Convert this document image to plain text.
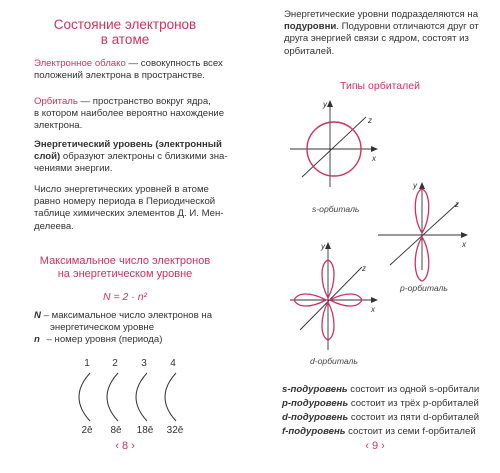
Состояние электронов
в атоме
Электронное облако — совокупность всех
положений электрона в пространстве.
Орбиталь — пространство вокруг ядра,
в котором наиболее вероятно нахождение
электрона.
Энергетический уровень (электронный
слой) образуют электроны с близкими зна-
чениями энергии.
Число энергетических уровней в атоме
равно номеру периода в Периодической
таблице химических элементов Д. И. Мен-
делеева.
Максимальное число электронов
на энергетическом уровне
N = 2 · n²
N – максимальное число электронов на
энергетическом уровне
n – номер уровня (периода)
1 2 3 4
2ē 8ē 18ē 32ē
‹ 8 ›
Энергетические уровни подразделяются на
подуровни. Подуровни отличаются друг от
друга энергией связи с ядром, состоят из
орбиталей.
Типы орбиталей
y
z
x
y
z
x
y
z
x
s-орбиталь
p-орбиталь
d-орбиталь
s-подуровень состоит из одной s-орбитали
p-подуровень состоит из трёх p-орбиталей
d-подуровень состоит из пяти d-орбиталей
f-подуровень состоит из семи f-орбиталей
‹ 9 ›
